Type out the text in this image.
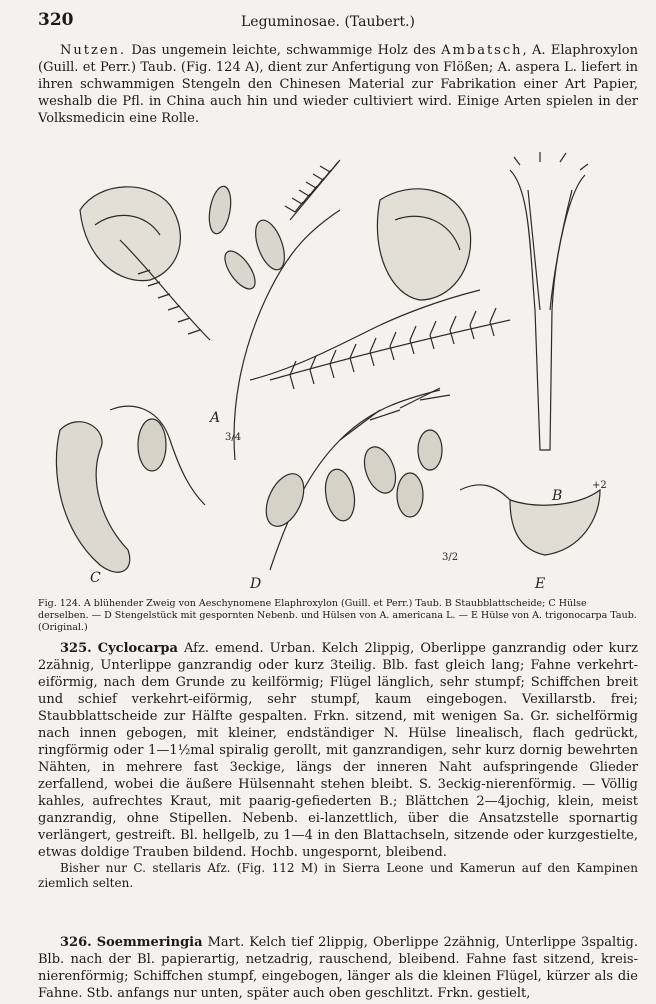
320	Leguminosae. (Taubert.)

Nutzen. Das ungemein leichte, schwammige Holz des Ambatsch, A. Elaphroxylon (Guill. et Perr.) Taub. (Fig. 124 A), dient zur Anfertigung von Flößen; A. aspera L. liefert in ihren schwammigen Stengeln den Chinesen Material zur Fabrikation einer Art Papier, weshalb die Pfl. in China auch hin und wieder cultiviert wird. Einige Arten spielen in der Volksmedicin eine Rolle.

A
3/4
B
+2
C	D
3/2
E

Fig. 124. A blühender Zweig von Aeschynomene Elaphroxylon (Guill. et Perr.) Taub. B Staubblattscheide; C Hülse derselben. — D Stengelstück mit gespornten Nebenb. und Hülsen von A. americana L. — E Hülse von A. trigonocarpa Taub. (Original.)

325. Cyclocarpa Afz. emend. Urban. Kelch 2lippig, Oberlippe ganzrandig oder kurz 2zähnig, Unterlippe ganzrandig oder kurz 3teilig. Blb. fast gleich lang; Fahne verkehrt-eiförmig, nach dem Grunde zu keilförmig; Flügel länglich, sehr stumpf; Schiffchen breit und schief verkehrt-eiförmig, sehr stumpf, kaum eingebogen. Vexillarstb. frei; Staubblattscheide zur Hälfte gespalten. Frkn. sitzend, mit wenigen Sa. Gr. sichelförmig nach innen gebogen, mit kleiner, endständiger N. Hülse linealisch, flach gedrückt, ringförmig oder 1—1½mal spiralig gerollt, mit ganzrandigen, sehr kurz dornig bewehrten Nähten, in mehrere fast 3eckige, längs der inneren Naht aufspringende Glieder zerfallend, wobei die äußere Hülsennaht stehen bleibt. S. 3eckig-nierenförmig. — Völlig kahles, aufrechtes Kraut, mit paarig-gefiederten B.; Blättchen 2—4jochig, klein, meist ganzrandig, ohne Stipellen. Nebenb. ei-lanzettlich, über die Ansatzstelle spornartig verlängert, gestreift. Bl. hellgelb, zu 1—4 in den Blattachseln, sitzende oder kurzgestielte, etwas doldige Trauben bildend. Hochb. ungespornt, bleibend.

Bisher nur C. stellaris Afz. (Fig. 112 M) in Sierra Leone und Kamerun auf den Kampinen ziemlich selten.

326. Soemmeringia Mart. Kelch tief 2lippig, Oberlippe 2zähnig, Unterlippe 3spaltig. Blb. nach der Bl. papierartig, netzadrig, rauschend, bleibend. Fahne fast sitzend, kreis-nierenförmig; Schiffchen stumpf, eingebogen, länger als die kleinen Flügel, kürzer als die Fahne. Stb. anfangs nur unten, später auch oben geschlitzt. Frkn. gestielt,
